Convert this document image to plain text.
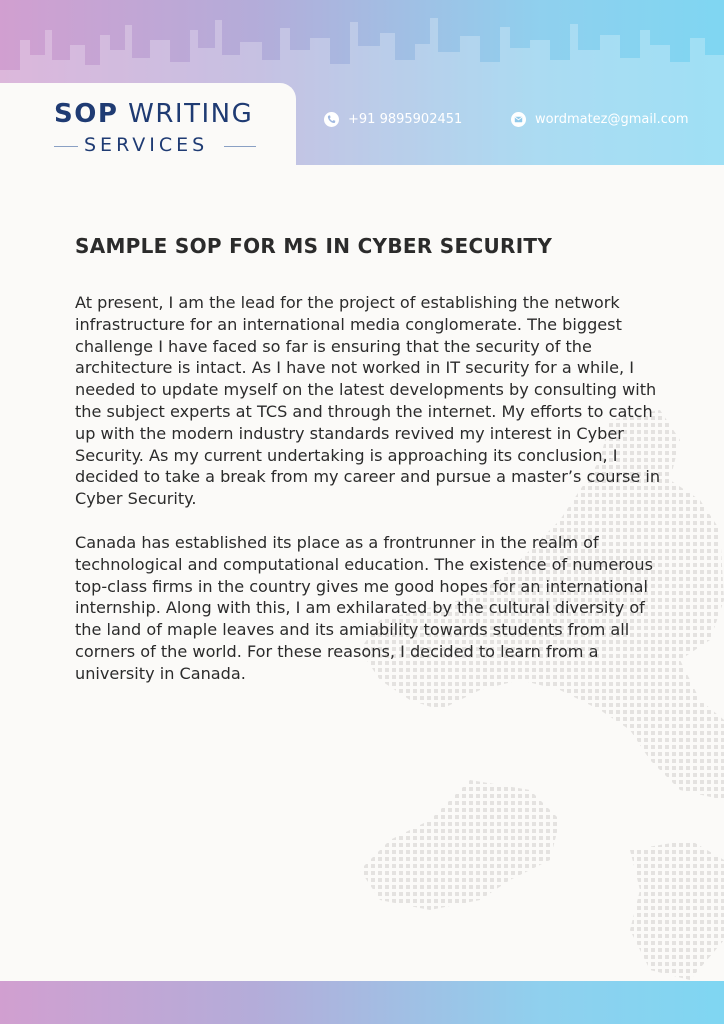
SOP WRITING
SERVICES
+91 9895902451	wordmatez@gmail.com
SAMPLE SOP FOR MS IN CYBER SECURITY

At present, I am the lead for the project of establishing the network infrastructure for an international media conglomerate. The biggest challenge I have faced so far is ensuring that the security of the architecture is intact. As I have not worked in IT security for a while, I needed to update myself on the latest developments by consulting with the subject experts at TCS and through the internet. My efforts to catch up with the modern industry standards revived my interest in Cyber Security. As my current undertaking is approaching its conclusion, I decided to take a break from my career and pursue a master’s course in Cyber Security.

Canada has established its place as a frontrunner in the realm of technological and computational education. The existence of numerous top-class firms in the country gives me good hopes for an international internship. Along with this, I am exhilarated by the cultural diversity of the land of maple leaves and its amiability towards students from all corners of the world. For these reasons, I decided to learn from a university in Canada.
